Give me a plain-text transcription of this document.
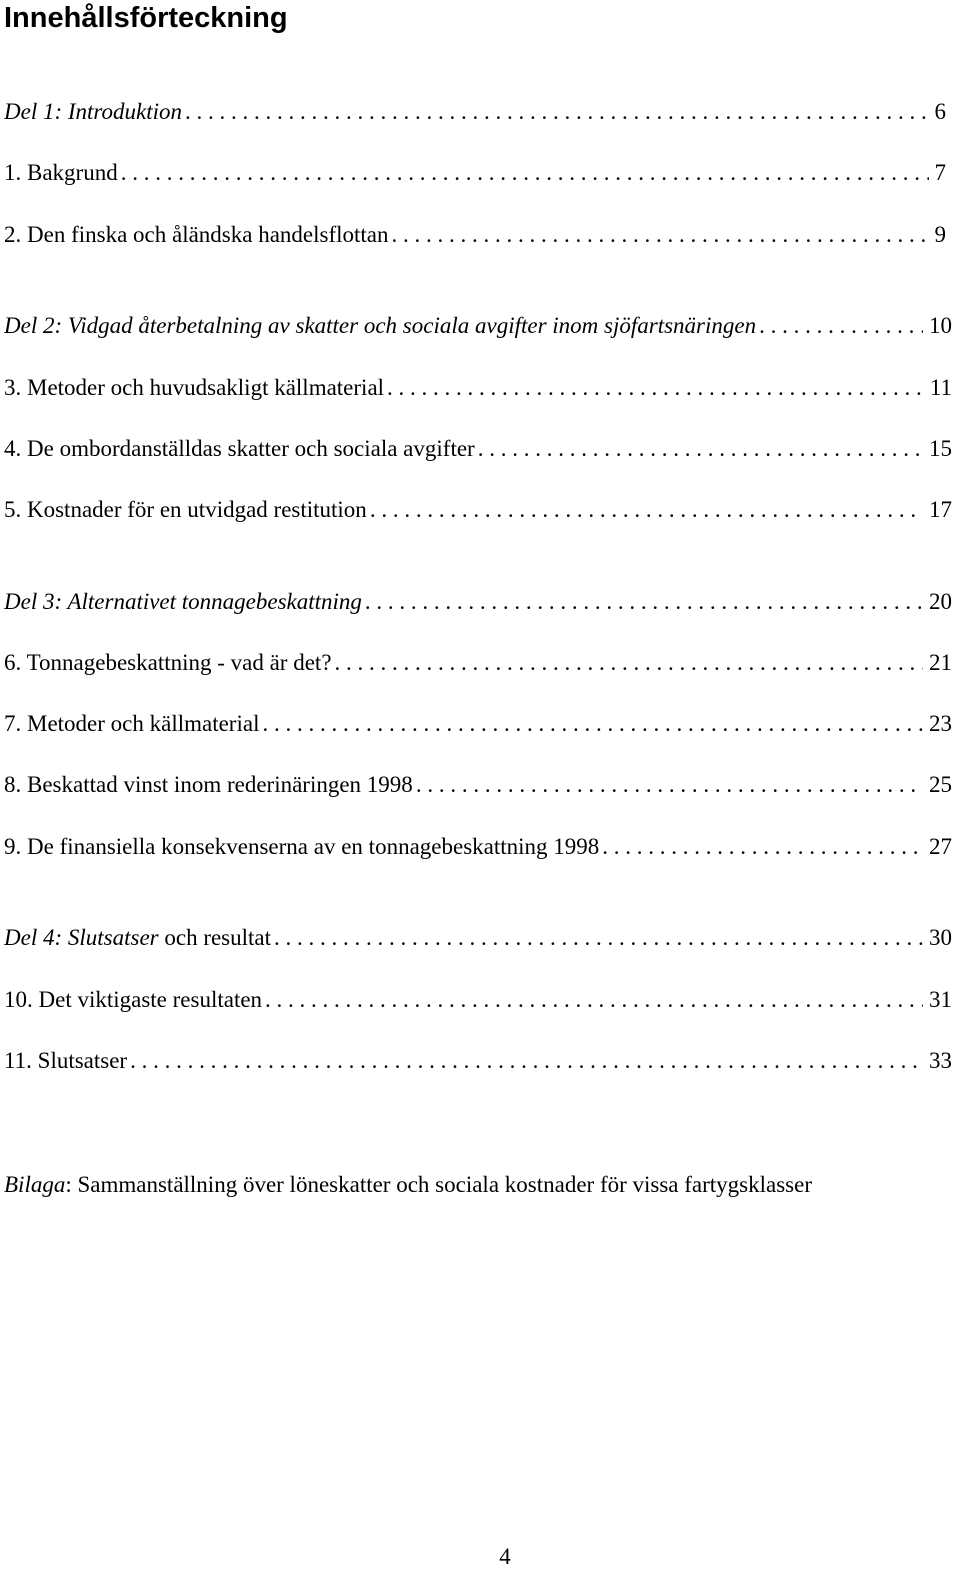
Innehållsförteckning
Del 1: Introduktion . . .	6
1. Bakgrund . . .	7
2. Den finska och åländska handelsflottan . . .	9
Del 2: Vidgad återbetalning av skatter och sociala avgifter inom sjöfartsnäringen . . .	10
3. Metoder och huvudsakligt källmaterial . . .	11
4. De ombordanställdas skatter och sociala avgifter . . .	15
5. Kostnader för en utvidgad restitution . . .	17
Del 3: Alternativet tonnagebeskattning . . .	20
6. Tonnagebeskattning - vad är det? . . .	21
7. Metoder och källmaterial . . .	23
8. Beskattad vinst inom rederinäringen 1998 . . .	25
9. De finansiella konsekvenserna av en tonnagebeskattning 1998 . . .	27
Del 4: Slutsatser och resultat . . .	30
10. Det viktigaste resultaten . . .	31
11. Slutsatser . . .	33
Bilaga: Sammanställning över löneskatter och sociala kostnader för vissa fartygsklasser
4
